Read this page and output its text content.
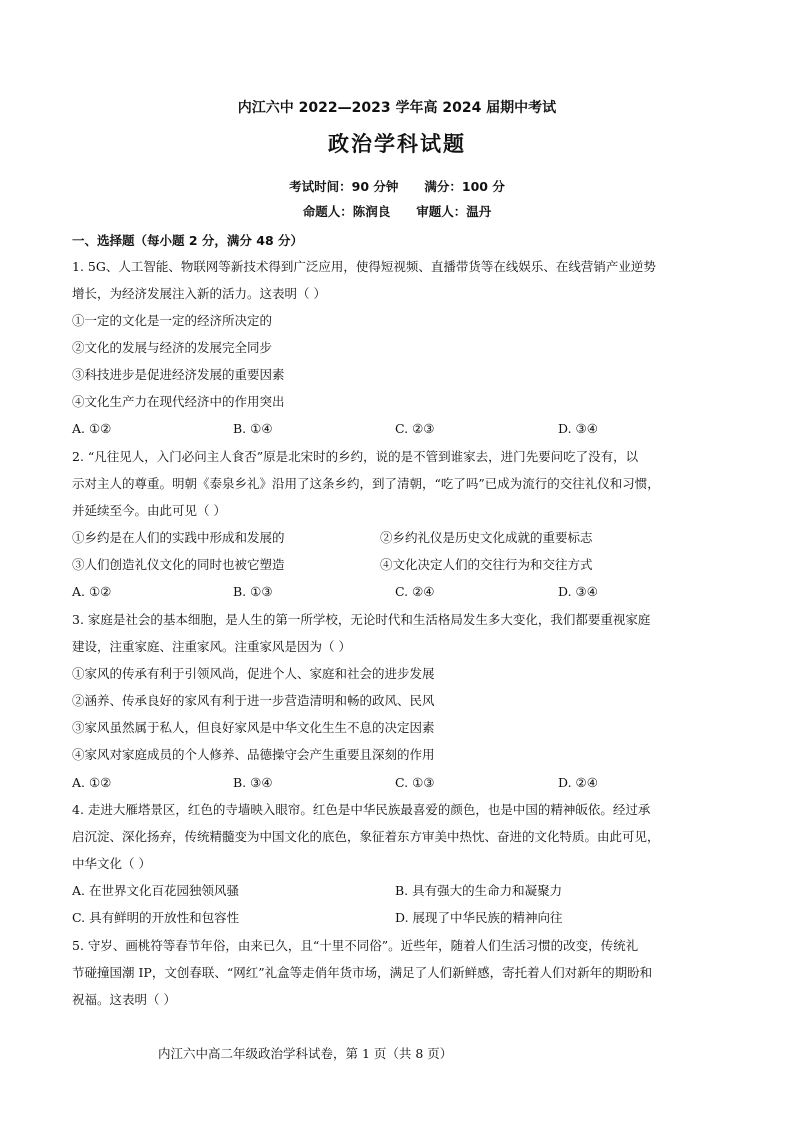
内江六中 2022—2023 学年高 2024 届期中考试
政治学科试题
考试时间：90 分钟 满分：100 分
命题人：陈润良 审题人：温丹
一、选择题（每小题 2 分，满分 48 分）
1. 5G、人工智能、物联网等新技术得到广泛应用，使得短视频、直播带货等在线娱乐、在线营销产业逆势
增长，为经济发展注入新的活力。这表明（ ）
①一定的文化是一定的经济所决定的
②文化的发展与经济的发展完全同步
③科技进步是促进经济发展的重要因素
④文化生产力在现代经济中的作用突出
A. ①②	B. ①④	C. ②③	D. ③④
2. “凡往见人，入门必问主人食否”原是北宋时的乡约，说的是不管到谁家去，进门先要问吃了没有，以
示对主人的尊重。明朝《泰泉乡礼》沿用了这条乡约，到了清朝，“吃了吗”已成为流行的交往礼仪和习惯，
并延续至今。由此可见（ ）
①乡约是在人们的实践中形成和发展的	②乡约礼仪是历史文化成就的重要标志
③人们创造礼仪文化的同时也被它塑造	④文化决定人们的交往行为和交往方式
A. ①②	B. ①③	C. ②④	D. ③④
3. 家庭是社会的基本细胞，是人生的第一所学校，无论时代和生活格局发生多大变化，我们都要重视家庭
建设，注重家庭、注重家风。注重家风是因为（ ）
①家风的传承有利于引领风尚，促进个人、家庭和社会的进步发展
②涵养、传承良好的家风有利于进一步营造清明和畅的政风、民风
③家风虽然属于私人，但良好家风是中华文化生生不息的决定因素
④家风对家庭成员的个人修养、品德操守会产生重要且深刻的作用
A. ①②	B. ③④	C. ①③	D. ②④
4. 走进大雁塔景区，红色的寺墙映入眼帘。红色是中华民族最喜爱的颜色，也是中国的精神皈依。经过承
启沉淀、深化扬弃，传统精髓变为中国文化的底色，象征着东方审美中热忱、奋进的文化特质。由此可见，
中华文化（ ）
A. 在世界文化百花园独领风骚	B. 具有强大的生命力和凝聚力
C. 具有鲜明的开放性和包容性	D. 展现了中华民族的精神向往
5. 守岁、画桃符等春节年俗，由来已久，且“十里不同俗”。近些年，随着人们生活习惯的改变，传统礼
节碰撞国潮 IP，文创春联、“网红”礼盒等走俏年货市场，满足了人们新鲜感，寄托着人们对新年的期盼和
祝福。这表明（ ）
内江六中高二年级政治学科试卷，第 1 页（共 8 页）
